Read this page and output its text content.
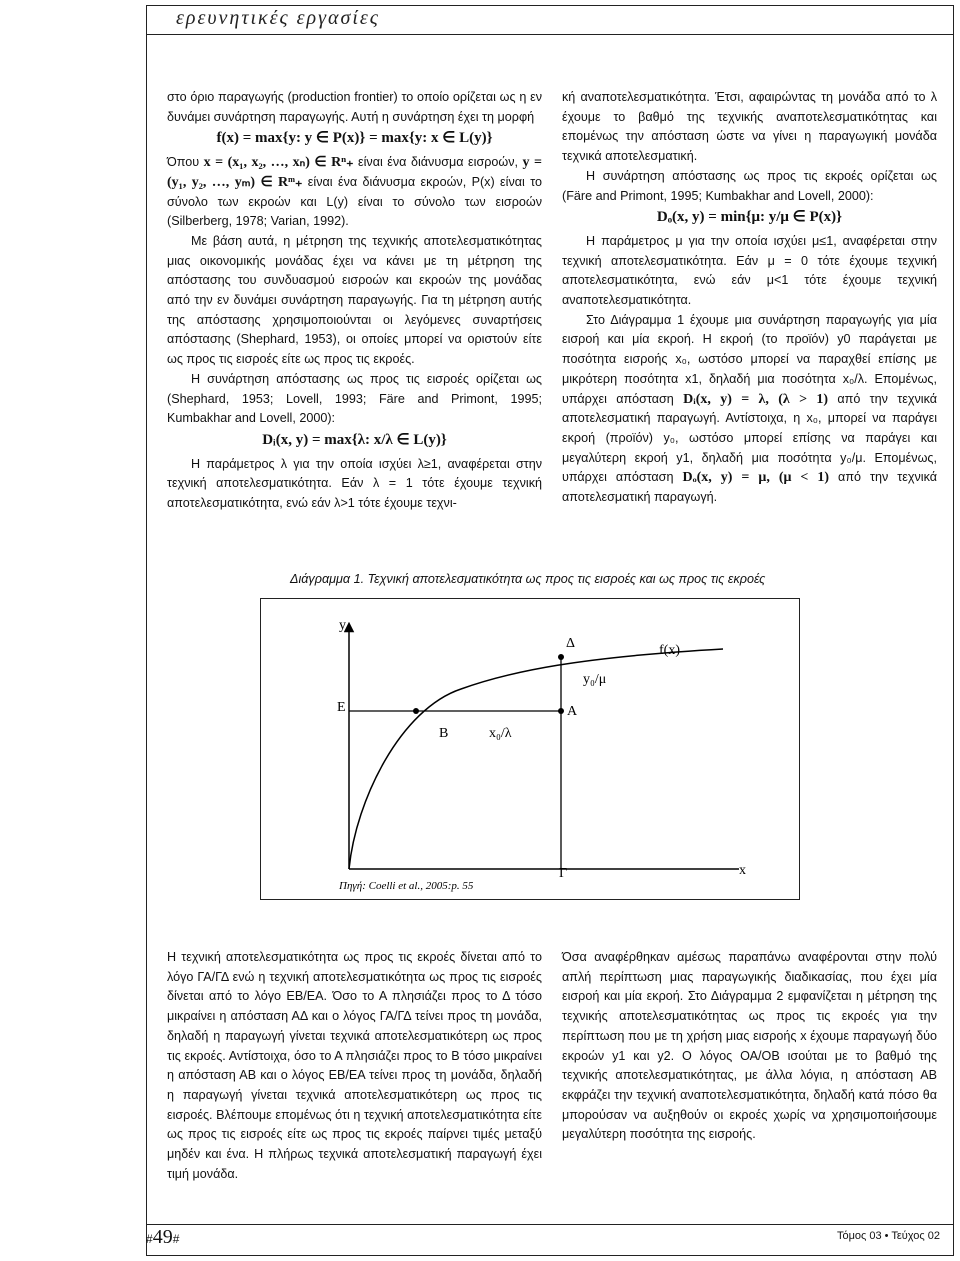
ερευνητικές εργασίες

στο όριο παραγωγής (production frontier) το οποίο ορίζεται ως η εν δυνάμει συνάρτηση παραγωγής. Αυτή η συνάρτηση έχει τη μορφή

f(x) = max{y: y ∈ P(x)} = max{y: x ∈ L(y)}

Όπου x = (x₁, x₂, …, xₙ) ∈ Rⁿ₊ είναι ένα διάνυσμα εισροών, y = (y₁, y₂, …, yₘ) ∈ Rᵐ₊ είναι ένα διάνυσμα εκροών, P(x) είναι το σύνολο των εκροών και L(y) είναι το σύνολο των εισροών (Silberberg, 1978; Varian, 1992).

Με βάση αυτά, η μέτρηση της τεχνικής αποτελεσματικότητας μιας οικονομικής μονάδας έχει να κάνει με τη μέτρηση της απόστασης του συνδυασμού εισροών και εκροών της μονάδας από την εν δυνάμει συνάρτηση παραγωγής. Για τη μέτρηση αυτής της απόστασης χρησιμοποιούνται οι λεγόμενες συναρτήσεις απόστασης (Shephard, 1953), οι οποίες μπορεί να οριστούν είτε ως προς τις εισροές είτε ως προς τις εκροές.

Η συνάρτηση απόστασης ως προς τις εισροές ορίζεται ως (Shephard, 1953; Lovell, 1993; Färe and Primont, 1995; Kumbakhar and Lovell, 2000):

Dᵢ(x, y) = max{λ: x/λ ∈ L(y)}

Η παράμετρος λ για την οποία ισχύει λ≥1, αναφέρεται στην τεχνική αποτελεσματικότητα. Εάν λ = 1 τότε έχουμε τεχνική αποτελεσματικότητα, ενώ εάν λ>1 τότε έχουμε τεχνι-

κή αναποτελεσματικότητα. Έτσι, αφαιρώντας τη μονάδα από το λ έχουμε το βαθμό της τεχνικής αναποτελεσματικότητας και επομένως την απόσταση ώστε να γίνει η παραγωγική μονάδα τεχνικά αποτελεσματική.

Η συνάρτηση απόστασης ως προς τις εκροές ορίζεται ως (Färe and Primont, 1995; Kumbakhar and Lovell, 2000):

Dₒ(x, y) = min{μ: y/μ ∈ P(x)}

Η παράμετρος μ για την οποία ισχύει μ≤1, αναφέρεται στην τεχνική αποτελεσματικότητα. Εάν μ = 0 τότε έχουμε τεχνική αποτελεσματικότητα, ενώ εάν μ<1 τότε έχουμε τεχνική αναποτελεσματικότητα.

Στο Διάγραμμα 1 έχουμε μια συνάρτηση παραγωγής για μία εισροή και μία εκροή. Η εκροή (το προϊόν) y0 παράγεται με ποσότητα εισροής x₀, ωστόσο μπορεί να παραχθεί επίσης με μικρότερη ποσότητα x1, δηλαδή μια ποσότητα x₀/λ. Επομένως, υπάρχει απόσταση Dᵢ(x, y) = λ, (λ > 1) από την τεχνικά αποτελεσματική παραγωγή. Αντίστοιχα, η x₀, μπορεί να παράγει εκροή (προϊόν) y₀, ωστόσο μπορεί επίσης να παράγει και μεγαλύτερη εκροή y1, δηλαδή μια ποσότητα y₀/μ. Επομένως, υπάρχει απόσταση Dₒ(x, y) = μ, (μ < 1) από την τεχνικά αποτελεσματική παραγωγή.

Διάγραμμα 1. Τεχνική αποτελεσματικότητα ως προς τις εισροές και ως προς τις εκροές
y
x
f(x)
Δ
y₀/μ
E	A
B	x₀/λ
Γ
Πηγή: Coelli et al., 2005:p. 55

Η τεχνική αποτελεσματικότητα ως προς τις εκροές δίνεται από το λόγο ΓΑ/ΓΔ ενώ η τεχνική αποτελεσματικότητα ως προς τις εισροές δίνεται από το λόγο ΕΒ/ΕΑ. Όσο το Α πλησιάζει προς το Δ τόσο μικραίνει η απόσταση ΑΔ και ο λόγος ΓΑ/ΓΔ τείνει προς τη μονάδα, δηλαδή η παραγωγή γίνεται τεχνικά αποτελεσματικότερη ως προς τις εκροές. Αντίστοιχα, όσο το Α πλησιάζει προς το Β τόσο μικραίνει η απόσταση ΑΒ και ο λόγος ΕΒ/ΕΑ τείνει προς τη μονάδα, δηλαδή η παραγωγή γίνεται τεχνικά αποτελεσματικότερη ως προς τις εισροές. Βλέπουμε επομένως ότι η τεχνική αποτελεσματικότητα είτε ως προς τις εισροές είτε ως προς τις εκροές παίρνει τιμές μεταξύ μηδέν και ένα. Η πλήρως τεχνικά αποτελεσματική παραγωγή έχει τιμή μονάδα.

Όσα αναφέρθηκαν αμέσως παραπάνω αναφέρονται στην πολύ απλή περίπτωση μιας παραγωγικής διαδικασίας, που έχει μία εισροή και μία εκροή. Στο Διάγραμμα 2 εμφανίζεται η μέτρηση της τεχνικής αποτελεσματικότητας ως προς τις εκροές για την περίπτωση που με τη χρήση μιας εισροής x έχουμε παραγωγή δύο εκροών y1 και y2. Ο λόγος ΟΑ/ΟΒ ισούται με το βαθμό της τεχνικής αποτελεσματικότητας, με άλλα λόγια, η απόσταση ΑΒ εκφράζει την τεχνική αναποτελεσματικότητα, δηλαδή κατά πόσο θα μπορούσαν να αυξηθούν οι εκροές χωρίς να χρησιμοποιήσουμε μεγαλύτερη ποσότητα της εισροής.

#49#	Τόμος 03 • Τεύχος 02
